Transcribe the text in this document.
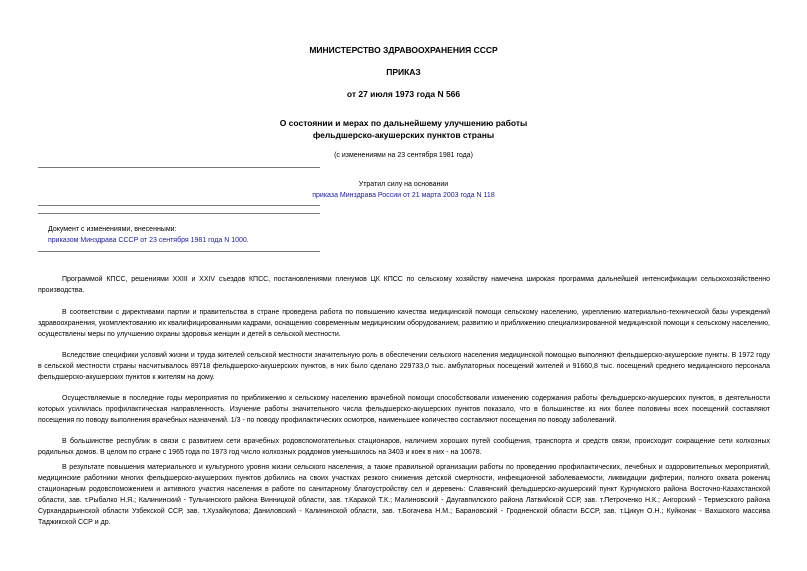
МИНИСТЕРСТВО ЗДРАВООХРАНЕНИЯ СССР
ПРИКАЗ
от 27 июля 1973 года N 566
О состоянии и мерах по дальнейшему улучшению работы
фельдшерско-акушерских пунктов страны
(с изменениями на 23 сентября 1981 года)
Утратил силу на основании
приказа Минздрава России от 21 марта 2003 года N 118
Документ с изменениями, внесенными:
приказом Минздрава СССР от 23 сентября 1981 года N 1000.
Программой КПСС, решениями XXIII и XXIV съездов КПСС, постановлениями пленумов ЦК КПСС по сельскому хозяйству намечена широкая программа дальнейшей интенсификации сельскохозяйственно производства.
В соответствии с директивами партии и правительства в стране проведена работа по повышению качества медицинской помощи сельскому населению, укреплению материально-технической базы учреждений здравоохранения, укомплектованию их квалифицированными кадрами, оснащению современным медицинским оборудованием, развитию и приближению специализированной медицинской помощи к сельскому населению, осуществлены меры по улучшению охраны здоровья женщин и детей в сельской местности.
Вследствие специфики условий жизни и труда жителей сельской местности значительную роль в обеспечении сельского населения медицинской помощью выполняют фельдшерско-акушерские пункты. В 1972 году в сельской местности страны насчитывалось 89718 фельдшерско-акушерских пунктов, в них было сделано 229733,0 тыс. амбулаторных посещений жителей и 91660,8 тыс. посещений среднего медицинского персонала фельдшерско-акушерских пунктов к жителям на дому.
Осуществляемые в последние годы мероприятия по приближению к сельскому населению врачебной помощи способствовали изменению содержания работы фельдшерско-акушерских пунктов, в деятельности которых усилилась профилактическая направленность. Изучение работы значительного числа фельдшерско-акушерских пунктов показало, что в большинстве из них более половины всех посещений составляют посещения по поводу выполнения врачебных назначений. 1/3 - по поводу профилактических осмотров, наименьшее количество составляют посещения по поводу заболеваний.
В большинстве республик в связи с развитием сети врачебных родовспомогательных стационаров, наличием хороших путей сообщения, транспорта и средств связи, происходит сокращение сети колхозных родильных домов. В целом по стране с 1965 года по 1973 год число колхозных роддомов уменьшилось на 3403 и коек в них - на 10678.
В результате повышения материального и культурного уровня жизни сельского населения, а также правильной организации работы по проведению профилактических, лечебных и оздоровительных мероприятий, медицинские работники многих фельдшерско-акушерских пунктов добились на своих участках резкого снижения детской смертности, инфекционной заболеваемости, ликвидации дифтерии, полного охвата рожениц стационарным родовспоможением и активного участия населения в работе по санитарному благоустройству сел и деревень: Славянский фельдшерско-акушерский пункт Курчумского района Восточно-Казахстанской области, зав. т.Рыбалко Н.Я.; Калининский - Тульчинского района Винницкой области, зав. т.Каракой Т.К.; Малиновский - Даугавпилского района Латвийской ССР, зав. т.Петроченко Н.К.; Ангорский - Термезского района Сурхандарьинской области Узбекской ССР, зав. т.Хузайкулова; Даниловский - Калининской области, зав. т.Богачева Н.М.; Барановский - Гродненской области БССР, зав. т.Цикун О.Н.; Куйконак - Вахшского массива Таджикской ССР и др.
